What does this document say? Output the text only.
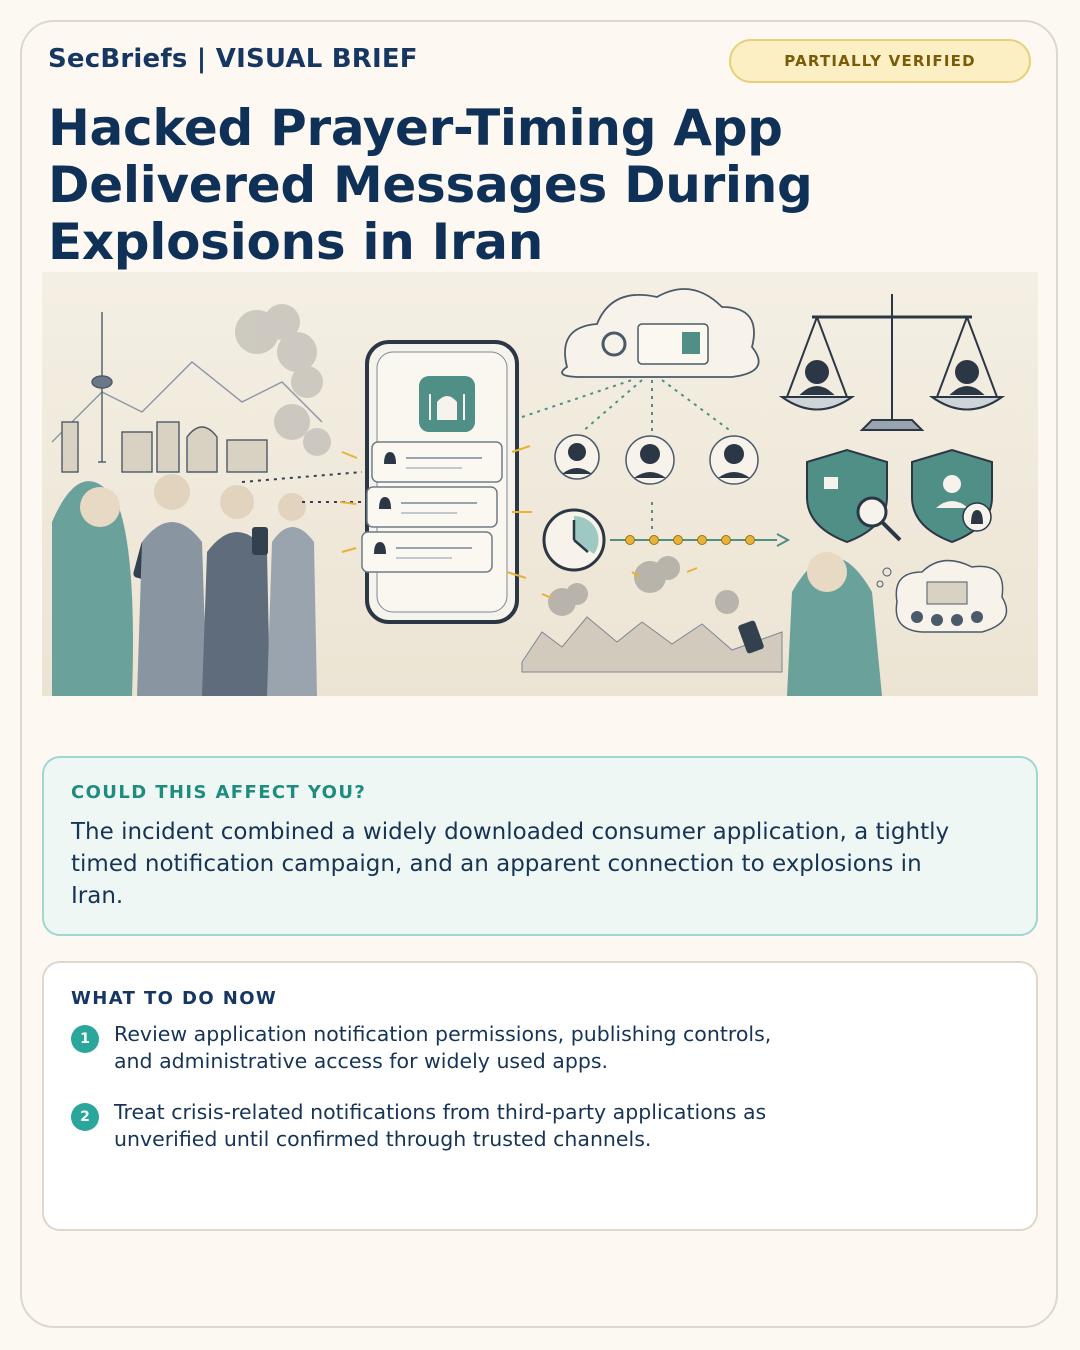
SecBriefs | VISUAL BRIEF	PARTIALLY VERIFIED
Hacked Prayer-Timing App Delivered Messages During Explosions in Iran
COULD THIS AFFECT YOU?

The incident combined a widely downloaded consumer application, a tightly timed notification campaign, and an apparent connection to explosions in Iran.

WHAT TO DO NOW
1	Review application notification permissions, publishing controls, and administrative access for widely used apps.

2	Treat crisis-related notifications from third-party applications as unverified until confirmed through trusted channels.
